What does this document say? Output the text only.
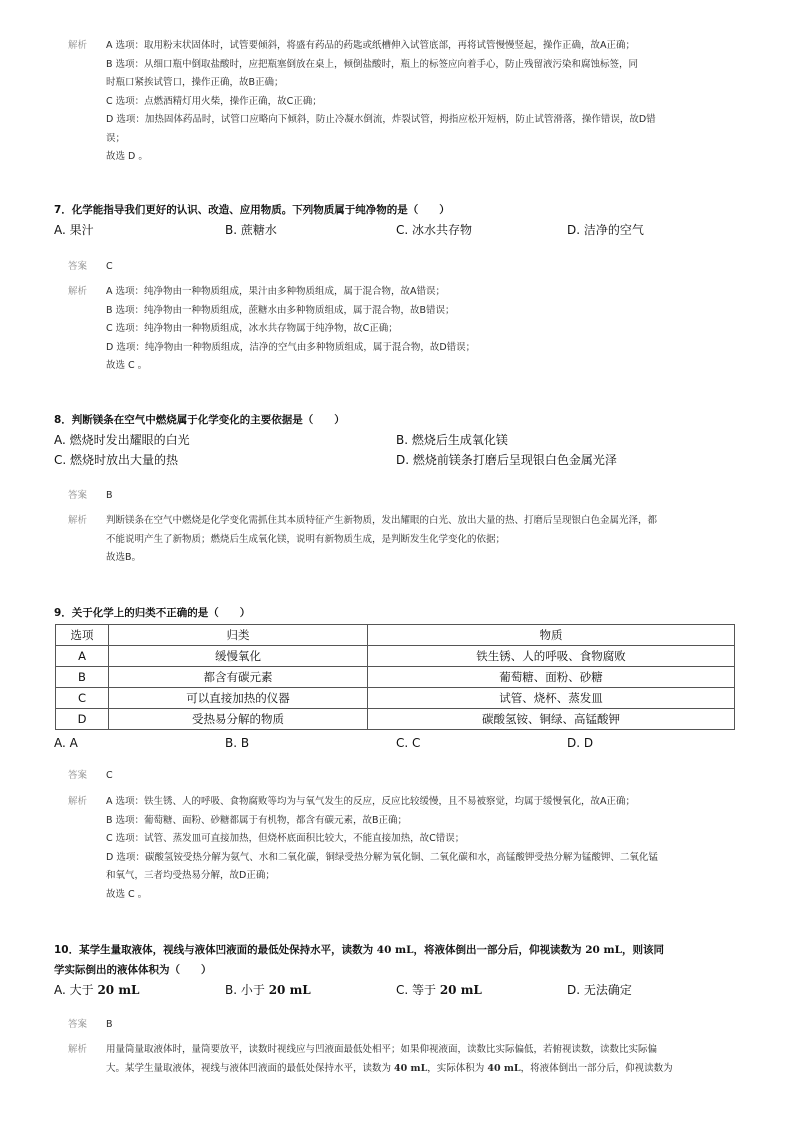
解析	A 选项：取用粉末状固体时，试管要倾斜，将盛有药品的药匙或纸槽伸入试管底部，再将试管慢慢竖起，操作正确，故A正确；
B 选项：从细口瓶中倒取盐酸时，应把瓶塞倒放在桌上，倾倒盐酸时，瓶上的标签应向着手心，防止残留液污染和腐蚀标签，同
时瓶口紧挨试管口，操作正确，故B正确；
C 选项：点燃酒精灯用火柴，操作正确，故C正确；
D 选项：加热固体药品时，试管口应略向下倾斜，防止冷凝水倒流，炸裂试管，拇指应松开短柄，防止试管滑落，操作错误，故D错
误；
故选 D 。
7．化学能指导我们更好的认识、改造、应用物质。下列物质属于纯净物的是（　　）
A. 果汁	B. 蔗糖水	C. 冰水共存物	D. 洁净的空气
答案	C
解析	A 选项：纯净物由一种物质组成，果汁由多种物质组成，属于混合物，故A错误；
B 选项：纯净物由一种物质组成，蔗糖水由多种物质组成，属于混合物，故B错误；
C 选项：纯净物由一种物质组成，冰水共存物属于纯净物，故C正确；
D 选项：纯净物由一种物质组成，洁净的空气由多种物质组成，属于混合物，故D错误；
故选 C 。
8．判断镁条在空气中燃烧属于化学变化的主要依据是（　　）
A. 燃烧时发出耀眼的白光	B. 燃烧后生成氧化镁
C. 燃烧时放出大量的热	D. 燃烧前镁条打磨后呈现银白色金属光泽
答案	B
解析	判断镁条在空气中燃烧是化学变化需抓住其本质特征产生新物质，发出耀眼的白光、放出大量的热、打磨后呈现银白色金属光泽，都
不能说明产生了新物质；燃烧后生成氧化镁，说明有新物质生成，是判断发生化学变化的依据；
故选B。
9．关于化学上的归类不正确的是（　　）
选项	归类	物质
A	缓慢氧化	铁生锈、人的呼吸、食物腐败
B	都含有碳元素	葡萄糖、面粉、砂糖
C	可以直接加热的仪器	试管、烧杯、蒸发皿
D	受热易分解的物质	碳酸氢铵、铜绿、高锰酸钾
A. A	B. B	C. C	D. D
答案	C
解析	A 选项：铁生锈、人的呼吸、食物腐败等均为与氧气发生的反应，反应比较缓慢，且不易被察觉，均属于缓慢氧化，故A正确；
B 选项：葡萄糖、面粉、砂糖都属于有机物，都含有碳元素，故B正确；
C 选项：试管、蒸发皿可直接加热，但烧杯底面积比较大，不能直接加热，故C错误；
D 选项：碳酸氢铵受热分解为氨气、水和二氧化碳，铜绿受热分解为氧化铜、二氧化碳和水，高锰酸钾受热分解为锰酸钾、二氧化锰
和氧气，三者均受热易分解，故D正确；
故选 C 。
10．某学生量取液体，视线与液体凹液面的最低处保持水平，读数为 40 mL，将液体倒出一部分后，仰视读数为 20 mL，则该同
学实际倒出的液体体积为（　　）
A. 大于 20 mL	B. 小于 20 mL	C. 等于 20 mL	D. 无法确定
答案	B
解析	用量筒量取液体时，量筒要放平，读数时视线应与凹液面最低处相平；如果仰视液面，读数比实际偏低，若俯视读数，读数比实际偏
大。某学生量取液体，视线与液体凹液面的最低处保持水平，读数为 40 mL，实际体积为 40 mL，将液体倒出一部分后，仰视读数为
